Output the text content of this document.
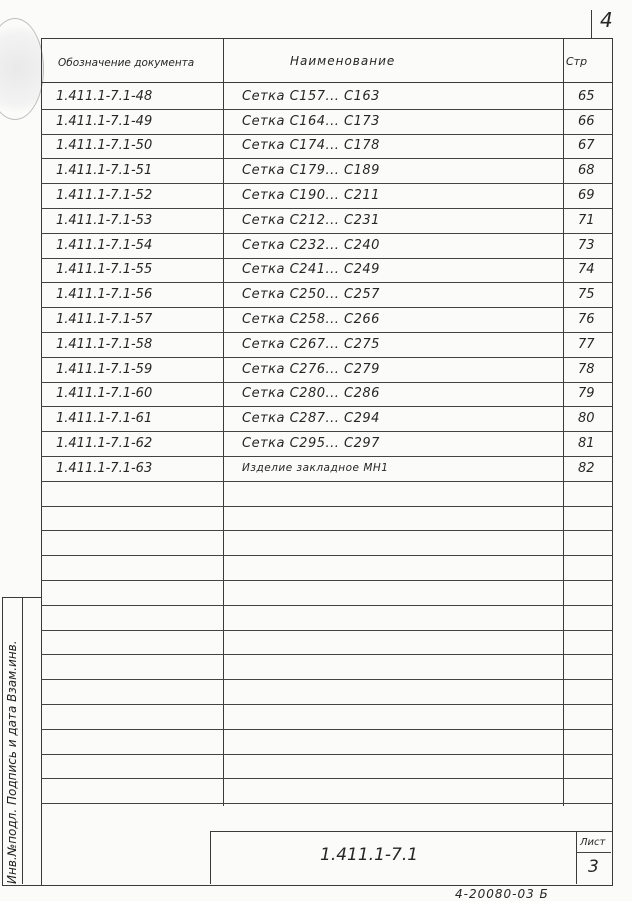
4
Обозначение документа	Наименование	Стр
1.411.1-7.1-48	Сетка С157... С163	65
1.411.1-7.1-49	Сетка С164... С173	66
1.411.1-7.1-50	Сетка С174... С178	67
1.411.1-7.1-51	Сетка С179... С189	68
1.411.1-7.1-52	Сетка С190... С211	69
1.411.1-7.1-53	Сетка С212... С231	71
1.411.1-7.1-54	Сетка С232... С240	73
1.411.1-7.1-55	Сетка С241... С249	74
1.411.1-7.1-56	Сетка С250... С257	75
1.411.1-7.1-57	Сетка С258... С266	76
1.411.1-7.1-58	Сетка С267... С275	77
1.411.1-7.1-59	Сетка С276... С279	78
1.411.1-7.1-60	Сетка С280... С286	79
1.411.1-7.1-61	Сетка С287... С294	80
1.411.1-7.1-62	Сетка С295... С297	81
1.411.1-7.1-63	Изделие закладное МН1	82
Инв.№подл. Подпись и дата Взам.инв.	1.411.1-7.1
Лист
3
4-20080-03 Б
